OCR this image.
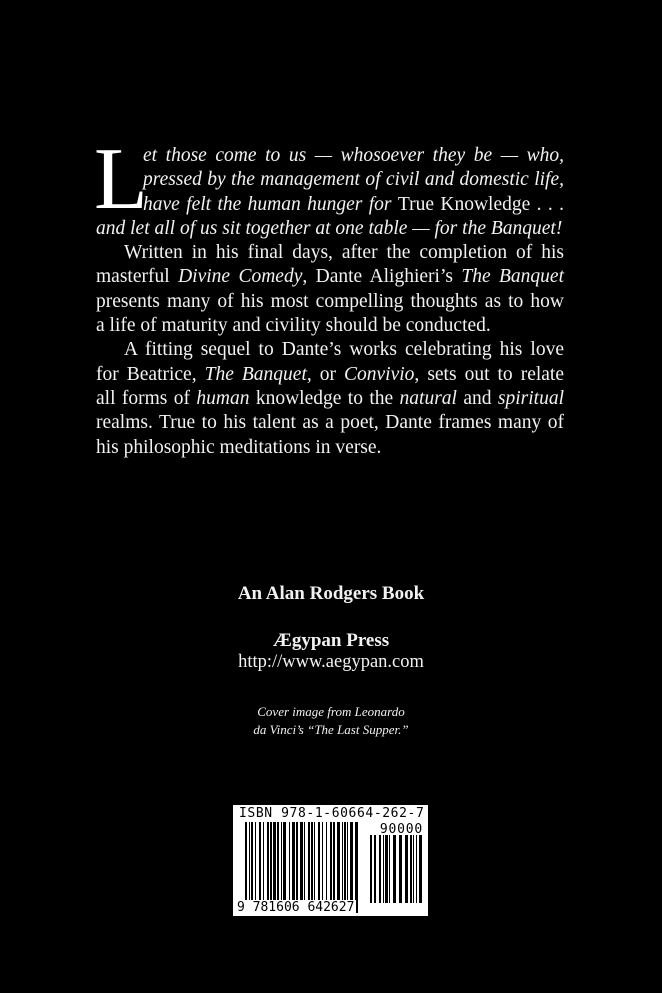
L
et those come to us — whosoever they be — who,
pressed by the management of civil and domestic life,
have felt the human hunger for True Knowledge . . .
and let all of us sit together at one table — for the Banquet!
Written in his final days, after the completion of his
masterful Divine Comedy, Dante Alighieri’s The Banquet
presents many of his most compelling thoughts as to how
a life of maturity and civility should be conducted.
A fitting sequel to Dante’s works celebrating his love
for Beatrice, The Banquet, or Convivio, sets out to relate
all forms of human knowledge to the natural and spiritual
realms. True to his talent as a poet, Dante frames many of
his philosophic meditations in verse.
An Alan Rodgers Book
Ægypan Press
http://www.aegypan.com
Cover image from Leonardo
da Vinci’s “The Last Supper.”
ISBN 978-1-60664-262-7
90000
9 781606 642627
